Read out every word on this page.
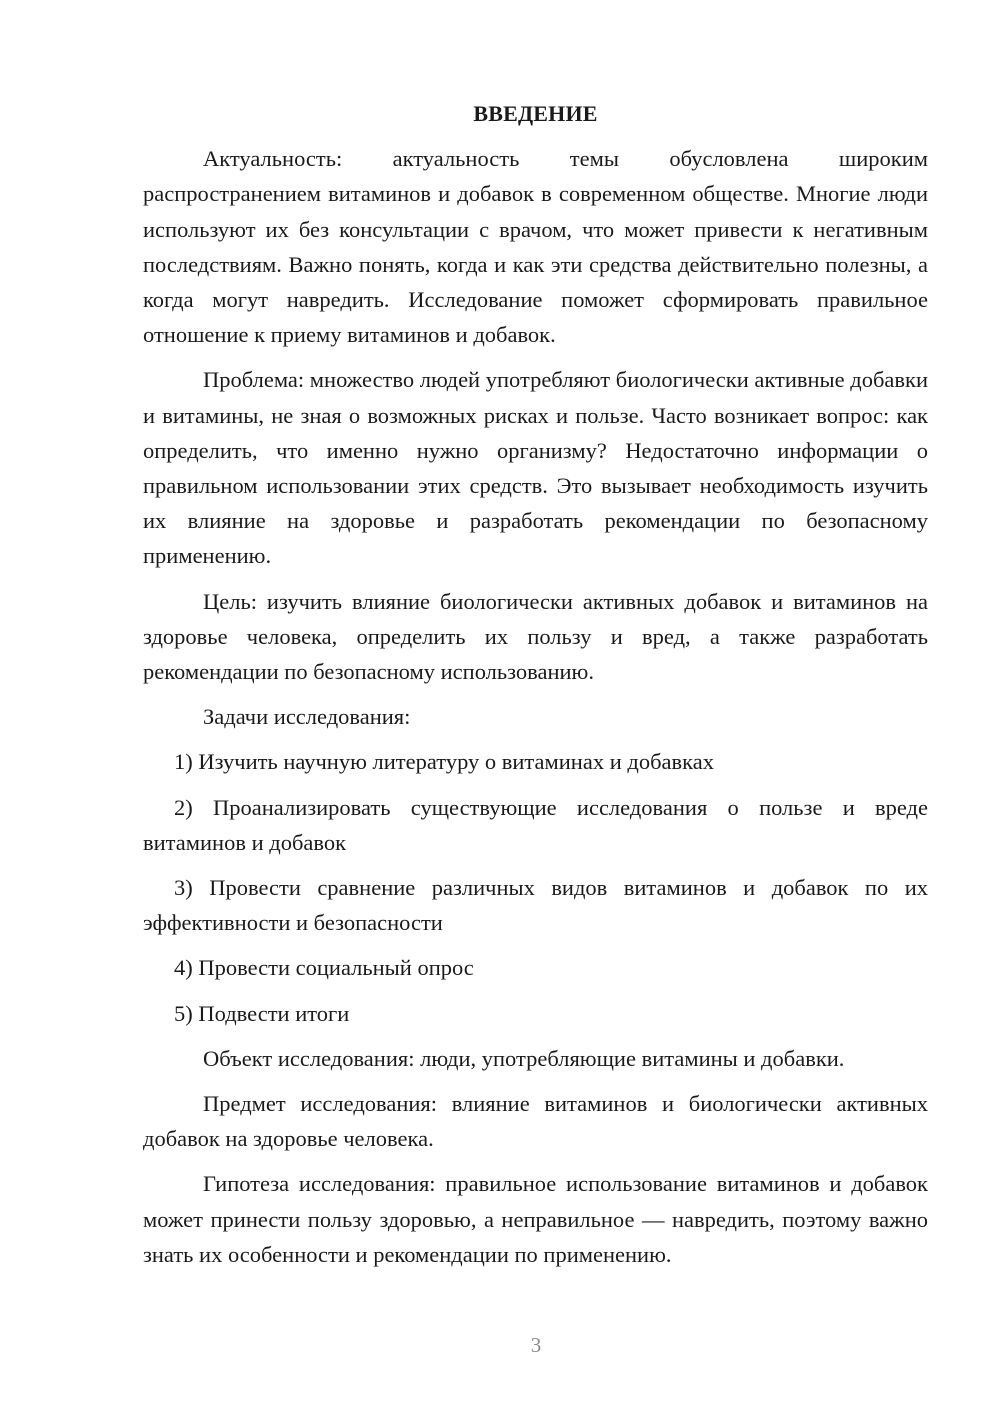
ВВЕДЕНИЕ

Актуальность: актуальность темы обусловлена широким распространением витаминов и добавок в современном обществе. Многие люди используют их без консультации с врачом, что может привести к негативным последствиям. Важно понять, когда и как эти средства действительно полезны, а когда могут навредить. Исследование поможет сформировать правильное отношение к приему витаминов и добавок.

Проблема: множество людей употребляют биологически активные добавки и витамины, не зная о возможных рисках и пользе. Часто возникает вопрос: как определить, что именно нужно организму? Недостаточно информации о правильном использовании этих средств. Это вызывает необходимость изучить их влияние на здоровье и разработать рекомендации по безопасному применению.

Цель: изучить влияние биологически активных добавок и витаминов на здоровье человека, определить их пользу и вред, а также разработать рекомендации по безопасному использованию.

Задачи исследования:

1) Изучить научную литературу о витаминах и добавках

2) Проанализировать существующие исследования о пользе и вреде витаминов и добавок

3) Провести сравнение различных видов витаминов и добавок по их эффективности и безопасности

4) Провести социальный опрос

5) Подвести итоги

Объект исследования: люди, употребляющие витамины и добавки.

Предмет исследования: влияние витаминов и биологически активных добавок на здоровье человека.

Гипотеза исследования: правильное использование витаминов и добавок может принести пользу здоровью, а неправильное — навредить, поэтому важно знать их особенности и рекомендации по применению.

3
